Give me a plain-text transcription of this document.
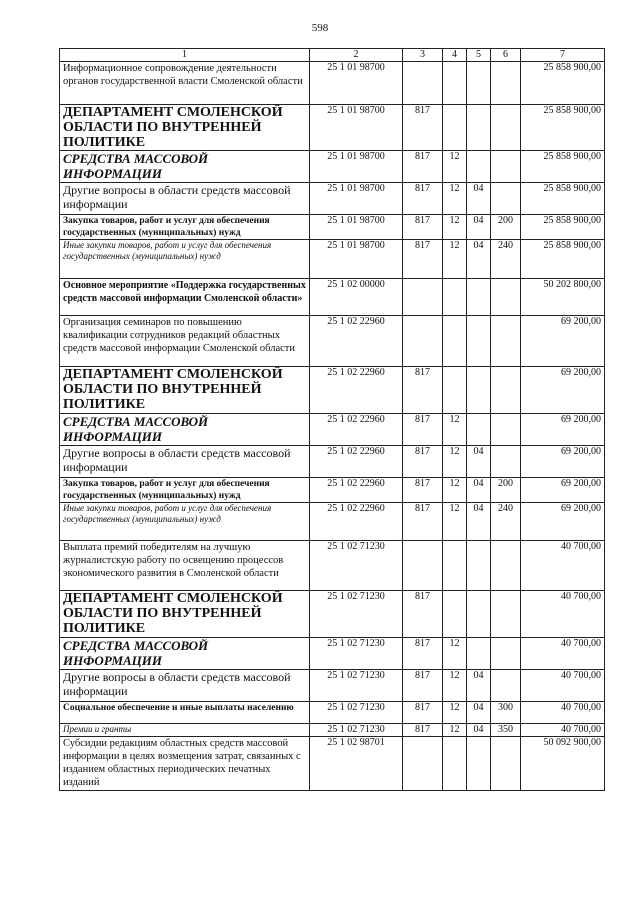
598
1	2	3	4	5	6	7
Информационное сопровождение деятельности органов государственной власти Смоленской области	25 1 01 98700					25 858 900,00
ДЕПАРТАМЕНТ СМОЛЕНСКОЙ ОБЛАСТИ ПО ВНУТРЕННЕЙ ПОЛИТИКЕ	25 1 01 98700	817				25 858 900,00
СРЕДСТВА МАССОВОЙ ИНФОРМАЦИИ	25 1 01 98700	817	12			25 858 900,00
Другие вопросы в области средств массовой информации	25 1 01 98700	817	12	04		25 858 900,00
Закупка товаров, работ и услуг для обеспечения государственных (муниципальных) нужд	25 1 01 98700	817	12	04	200	25 858 900,00
Иные закупки товаров, работ и услуг для обеспечения государственных (муниципальных) нужд	25 1 01 98700	817	12	04	240	25 858 900,00
Основное мероприятие «Поддержка государственных средств массовой информации Смоленской области»	25 1 02 00000					50 202 800,00
Организация семинаров по повышению квалификации сотрудников редакций областных средств массовой информации Смоленской области	25 1 02 22960					69 200,00
ДЕПАРТАМЕНТ СМОЛЕНСКОЙ ОБЛАСТИ ПО ВНУТРЕННЕЙ ПОЛИТИКЕ	25 1 02 22960	817				69 200,00
СРЕДСТВА МАССОВОЙ ИНФОРМАЦИИ	25 1 02 22960	817	12			69 200,00
Другие вопросы в области средств массовой информации	25 1 02 22960	817	12	04		69 200,00
Закупка товаров, работ и услуг для обеспечения государственных (муниципальных) нужд	25 1 02 22960	817	12	04	200	69 200,00
Иные закупки товаров, работ и услуг для обеспечения государственных (муниципальных) нужд	25 1 02 22960	817	12	04	240	69 200,00
Выплата премий победителям на лучшую журналистскую работу по освещению процессов экономического развития в Смоленской области	25 1 02 71230					40 700,00
ДЕПАРТАМЕНТ СМОЛЕНСКОЙ ОБЛАСТИ ПО ВНУТРЕННЕЙ ПОЛИТИКЕ	25 1 02 71230	817				40 700,00
СРЕДСТВА МАССОВОЙ ИНФОРМАЦИИ	25 1 02 71230	817	12			40 700,00
Другие вопросы в области средств массовой информации	25 1 02 71230	817	12	04		40 700,00
Социальное обеспечение и иные выплаты населению	25 1 02 71230	817	12	04	300	40 700,00
Премии и гранты	25 1 02 71230	817	12	04	350	40 700,00
Субсидии редакциям областных средств массовой информации в целях возмещения затрат, связанных с изданием областных периодических печатных изданий	25 1 02 98701					50 092 900,00
